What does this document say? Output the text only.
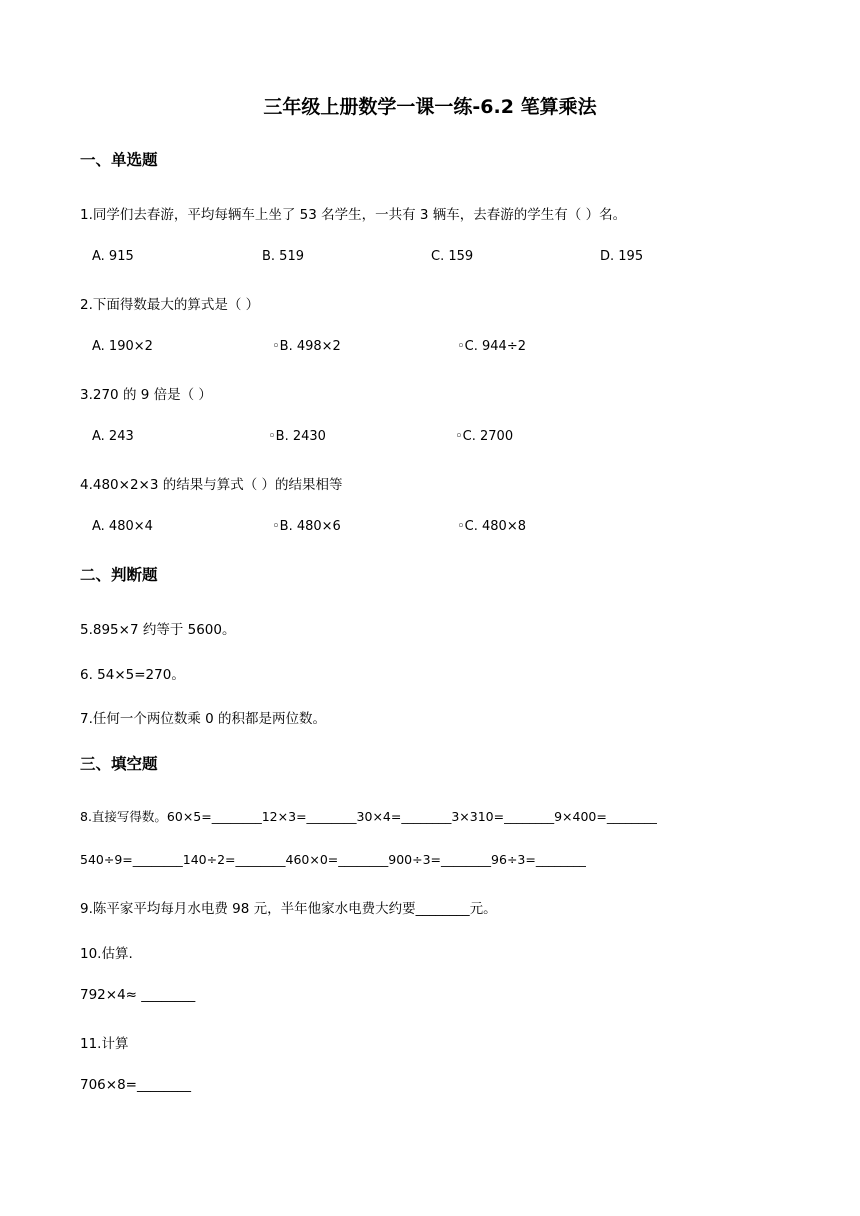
三年级上册数学一课一练-6.2 笔算乘法
一、单选题
1.同学们去春游，平均每辆车上坐了 53 名学生，一共有 3 辆车，去春游的学生有（ ）名。
A. 915	B. 519	C. 159	D. 195
2.下面得数最大的算式是（ ）
A. 190×2	◦B. 498×2	◦C. 944÷2
3.270 的 9 倍是（ ）
A. 243	◦B. 2430	◦C. 2700
4.480×2×3 的结果与算式（ ）的结果相等
A. 480×4	◦B. 480×6	◦C. 480×8
二、判断题
5.895×7 约等于 5600。
6. 54×5=270。
7.任何一个两位数乘 0 的积都是两位数。
三、填空题
8.直接写得数。60×5=________12×3=________30×4=________3×310=________9×400=________
540÷9=________140÷2=________460×0=________900÷3=________96÷3=________
9.陈平家平均每月水电费 98 元，半年他家水电费大约要________元。
10.估算.
792×4≈ ________
11.计算
706×8=________
